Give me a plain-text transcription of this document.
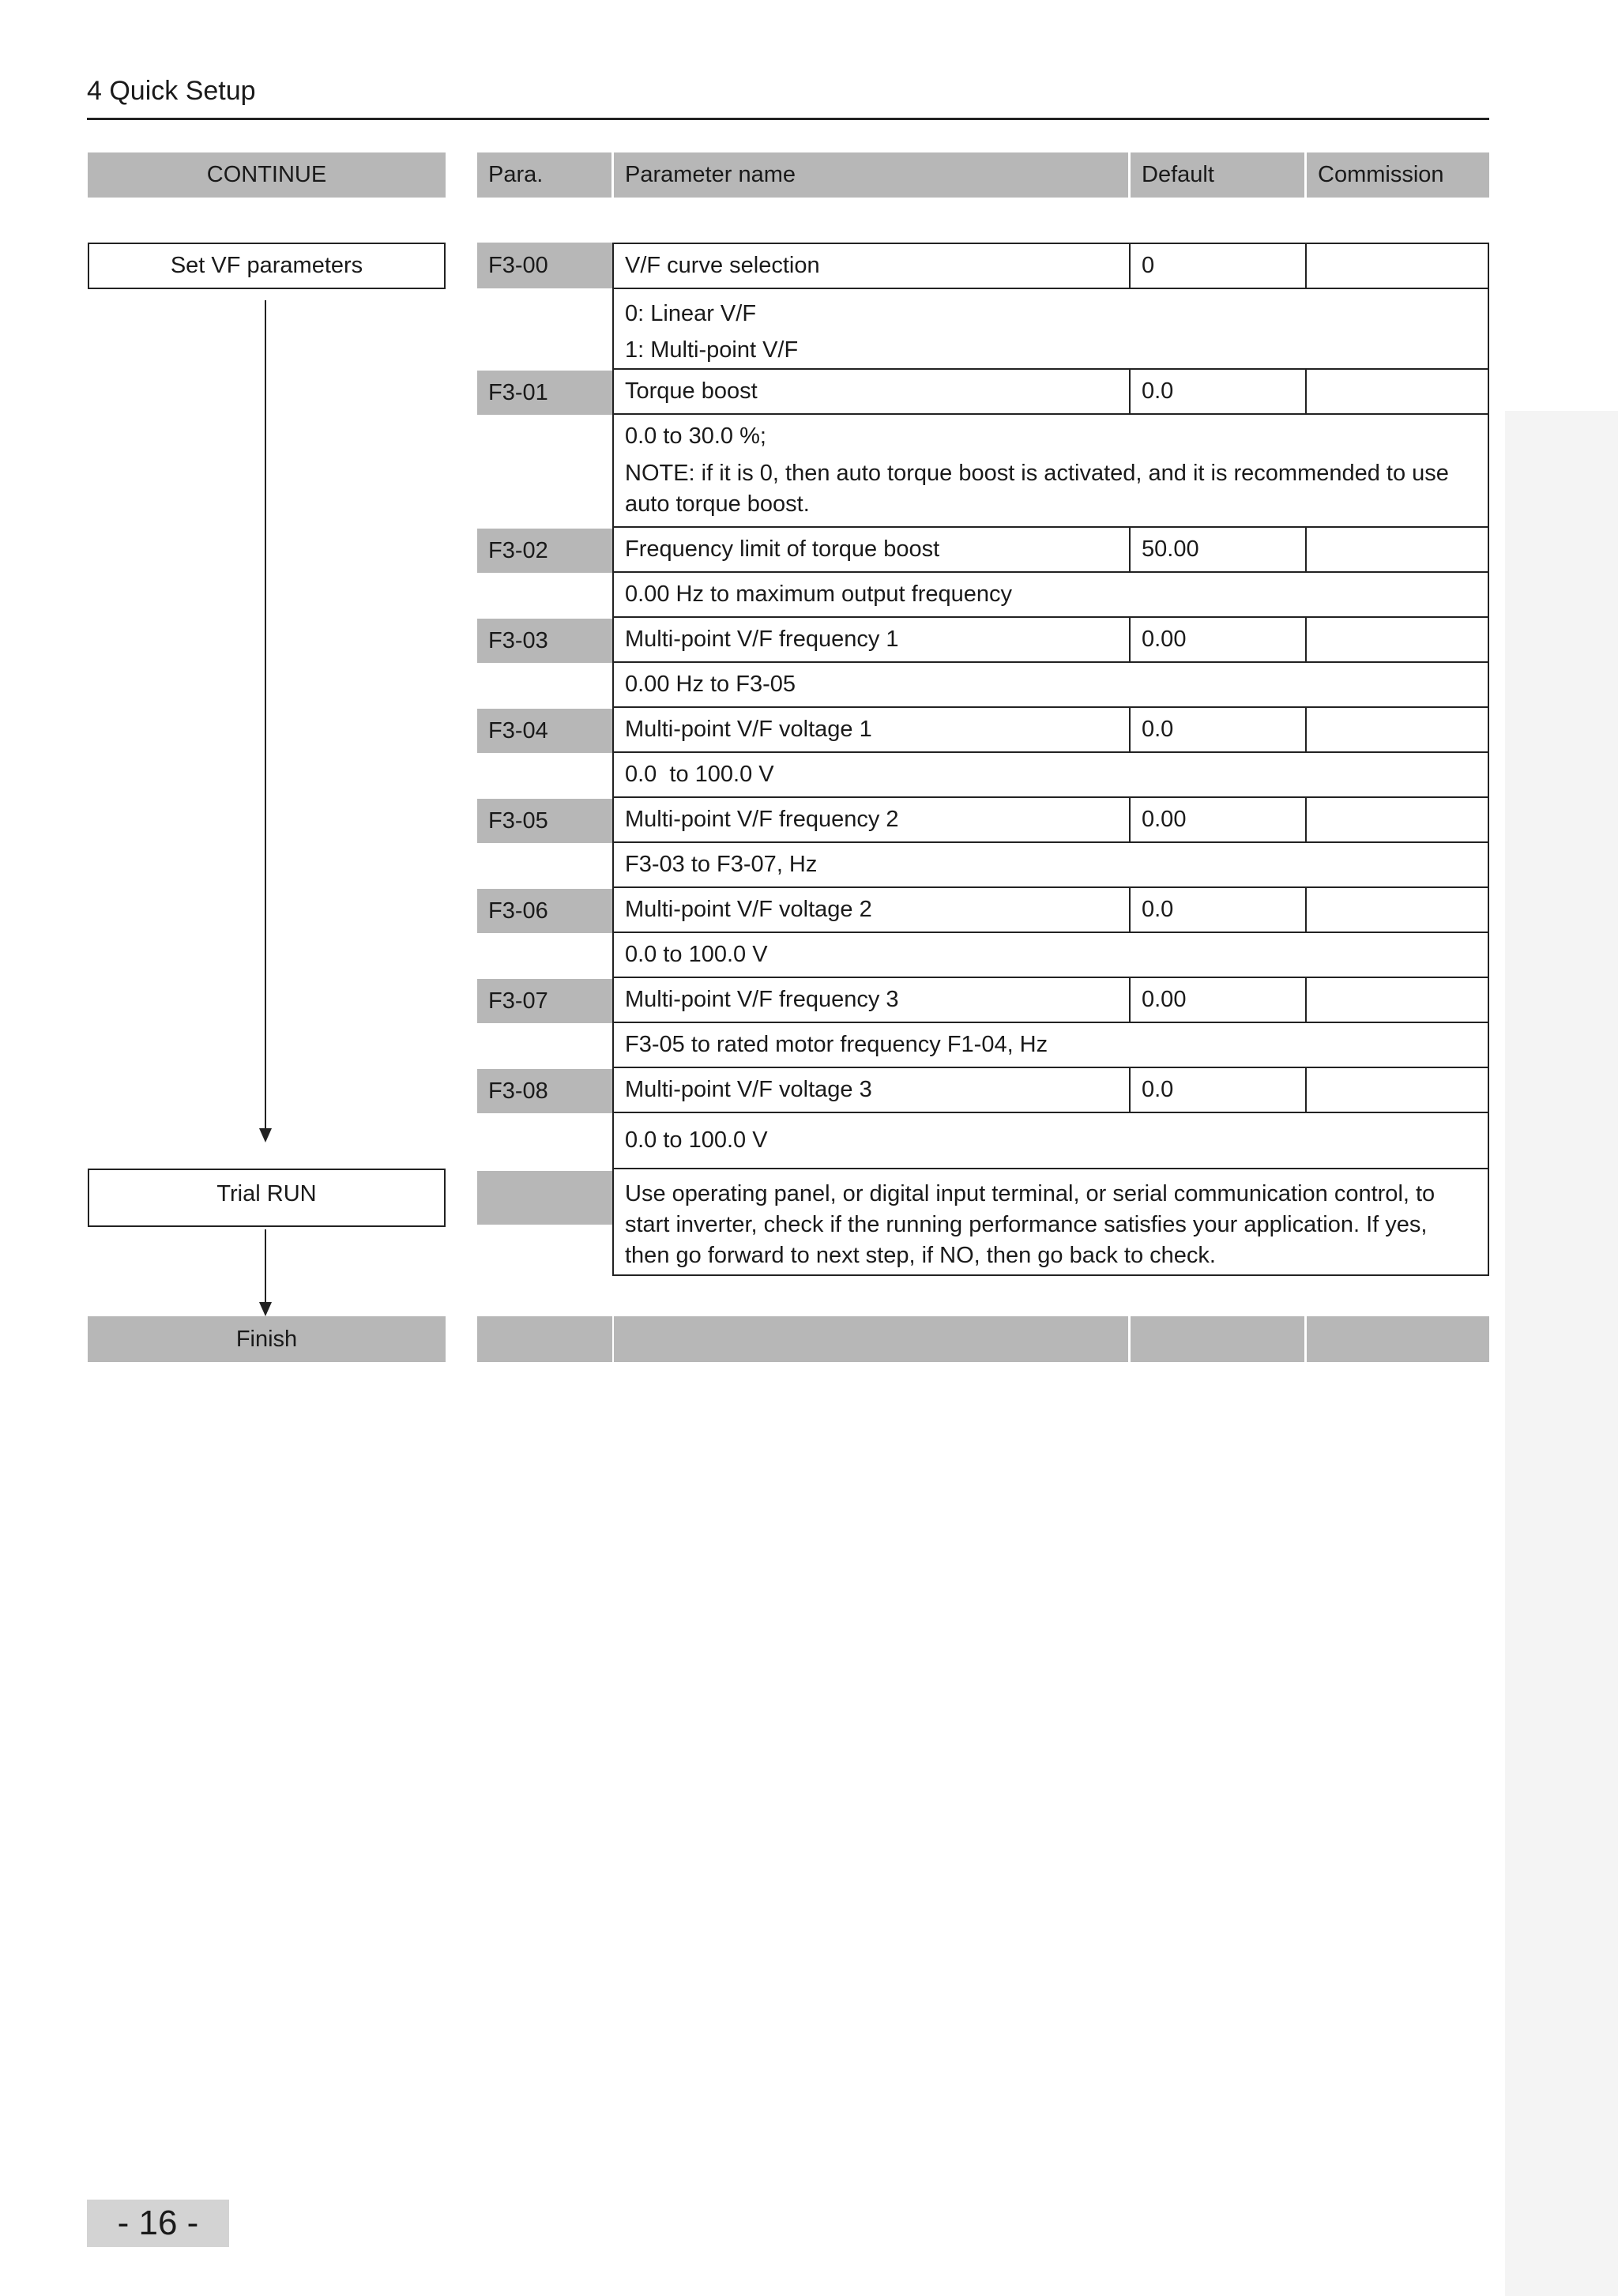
4 Quick Setup
CONTINUE
Set VF parameters
Trial RUN
Finish
Para.	Parameter name	Default	Commission
F3-00	V/F curve selection	0
0: Linear V/F
1: Multi-point V/F
F3-01	Torque boost	0.0
0.0 to 30.0 %;
NOTE: if it is 0, then auto torque boost is activated, and it is recommended to use auto torque boost.
F3-02	Frequency limit of torque boost	50.00
0.00 Hz to maximum output frequency
F3-03	Multi-point V/F frequency 1	0.00
0.00 Hz to F3-05
F3-04	Multi-point V/F voltage 1	0.0
0.0  to 100.0 V
F3-05	Multi-point V/F frequency 2	0.00
F3-03 to F3-07, Hz
F3-06	Multi-point V/F voltage 2	0.0
0.0 to 100.0 V
F3-07	Multi-point V/F frequency 3	0.00
F3-05 to rated motor frequency F1-04, Hz
F3-08	Multi-point V/F voltage 3	0.0
0.0 to 100.0 V
Use operating panel, or digital input terminal, or serial communication control, to start inverter, check if the running performance satisfies your application. If yes, then go forward to next step, if NO, then go back to check.
- 16 -
